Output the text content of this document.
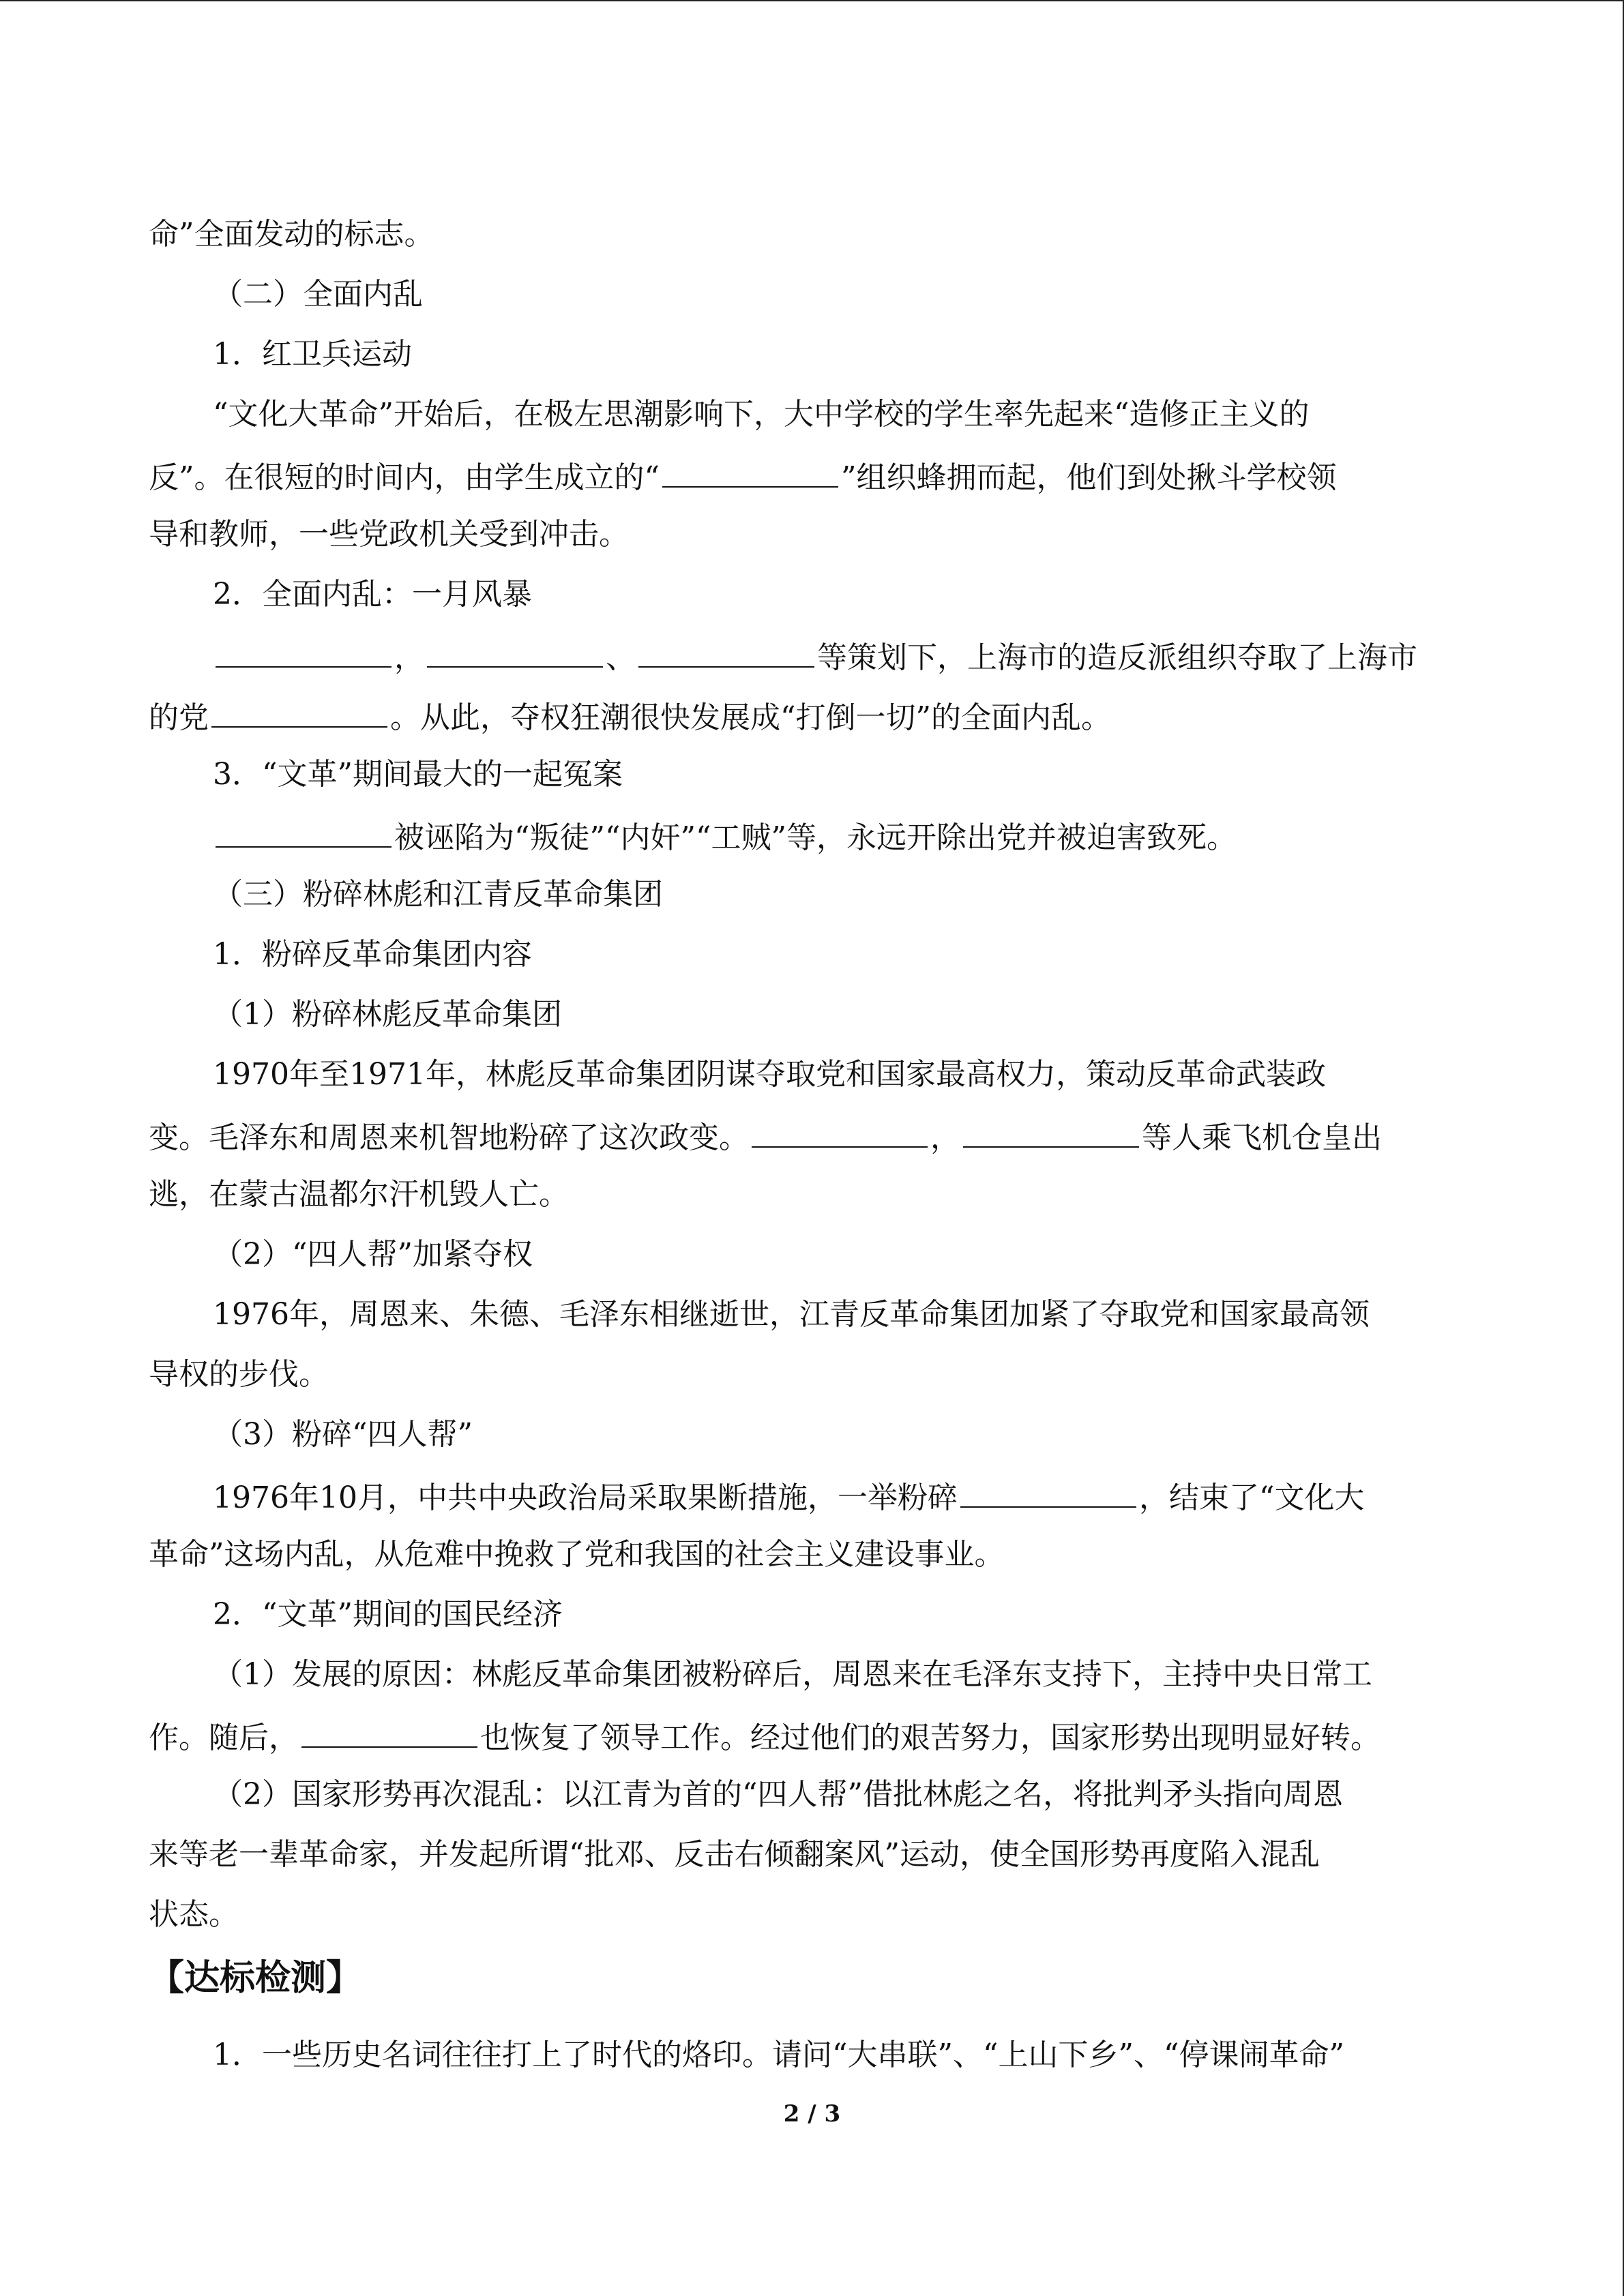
命”全面发动的标志。
（二）全面内乱
1．红卫兵运动
“文化大革命”开始后，在极左思潮影响下，大中学校的学生率先起来“造修正主义的
反”。在很短的时间内，由学生成立的“	”组织蜂拥而起，他们到处揪斗学校领
导和教师，一些党政机关受到冲击。
2．全面内乱：一月风暴
，	、	等策划下，上海市的造反派组织夺取了上海市
的党	。从此，夺权狂潮很快发展成“打倒一切”的全面内乱。
3．“文革”期间最大的一起冤案
被诬陷为“叛徒”“内奸”“工贼”等，永远开除出党并被迫害致死。
（三）粉碎林彪和江青反革命集团
1．粉碎反革命集团内容
（1）粉碎林彪反革命集团
1970年至1971年，林彪反革命集团阴谋夺取党和国家最高权力，策动反革命武装政
变。毛泽东和周恩来机智地粉碎了这次政变。	，	等人乘飞机仓皇出
逃，在蒙古温都尔汗机毁人亡。
（2）“四人帮”加紧夺权
1976年，周恩来、朱德、毛泽东相继逝世，江青反革命集团加紧了夺取党和国家最高领
导权的步伐。
（3）粉碎“四人帮”
1976年10月，中共中央政治局采取果断措施，一举粉碎	，结束了“文化大
革命”这场内乱，从危难中挽救了党和我国的社会主义建设事业。
2．“文革”期间的国民经济
（1）发展的原因：林彪反革命集团被粉碎后，周恩来在毛泽东支持下，主持中央日常工
作。随后，	也恢复了领导工作。经过他们的艰苦努力，国家形势出现明显好转。
（2）国家形势再次混乱：以江青为首的“四人帮”借批林彪之名，将批判矛头指向周恩
来等老一辈革命家，并发起所谓“批邓、反击右倾翻案风”运动，使全国形势再度陷入混乱
状态。
【达标检测】
1．一些历史名词往往打上了时代的烙印。请问“大串联”、“上山下乡”、“停课闹革命”
2 / 3
